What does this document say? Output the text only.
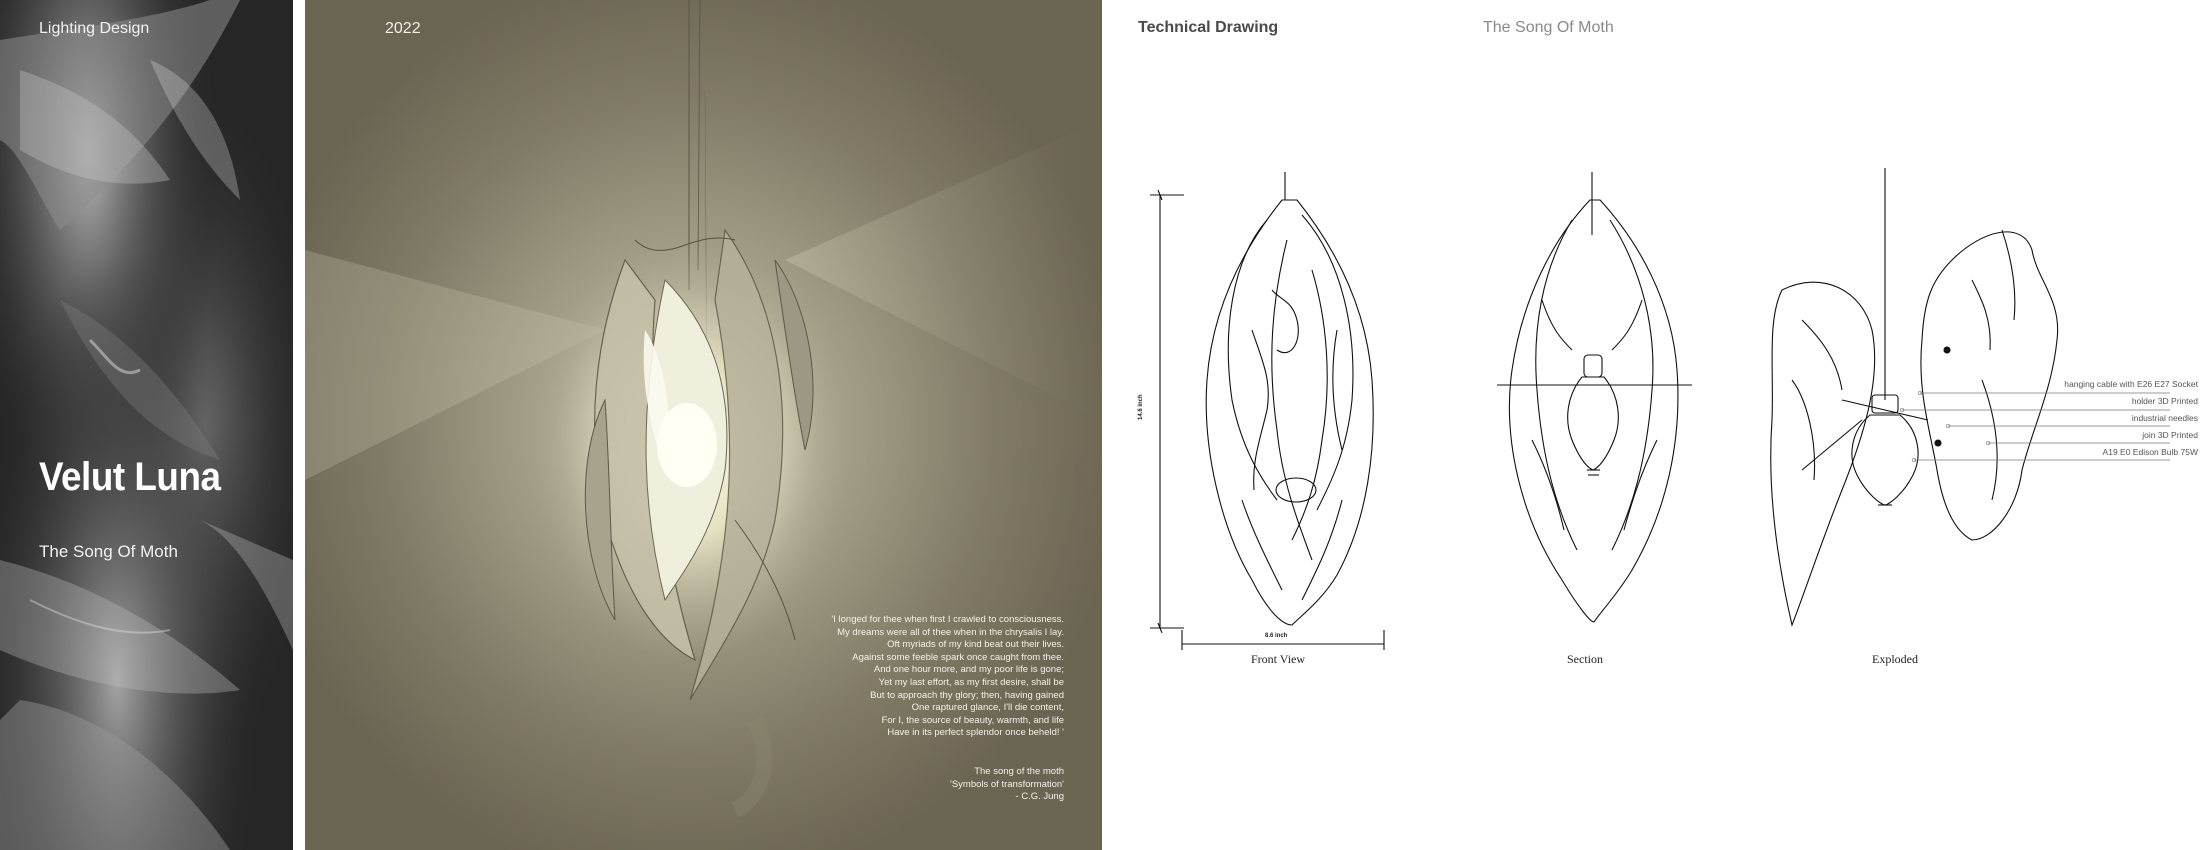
Lighting Design
Velut Luna
The Song Of Moth
2022
'I longed for thee when first I crawled to consciousness.
My dreams were all of thee when in the chrysalis I lay.
Oft myriads of my kind beat out their lives.
Against some feeble spark once caught from thee.
And one hour more, and my poor life is gone;
Yet my last effort, as my first desire, shall be
But to approach thy glory; then, having gained
One raptured glance, I'll die content,
For I, the source of beauty, warmth, and life
Have in its perfect splendor once beheld! '
The song of the moth
'Symbols of transformation'
- C.G. Jung
Technical Drawing	The Song Of Moth
14.6 inch
8.6 inch
hanging cable with E26 E27 Socket
holder 3D Printed
industrial needles
join 3D Printed
A19 E0 Edison Bulb 75W
Front View	Section	Exploded
